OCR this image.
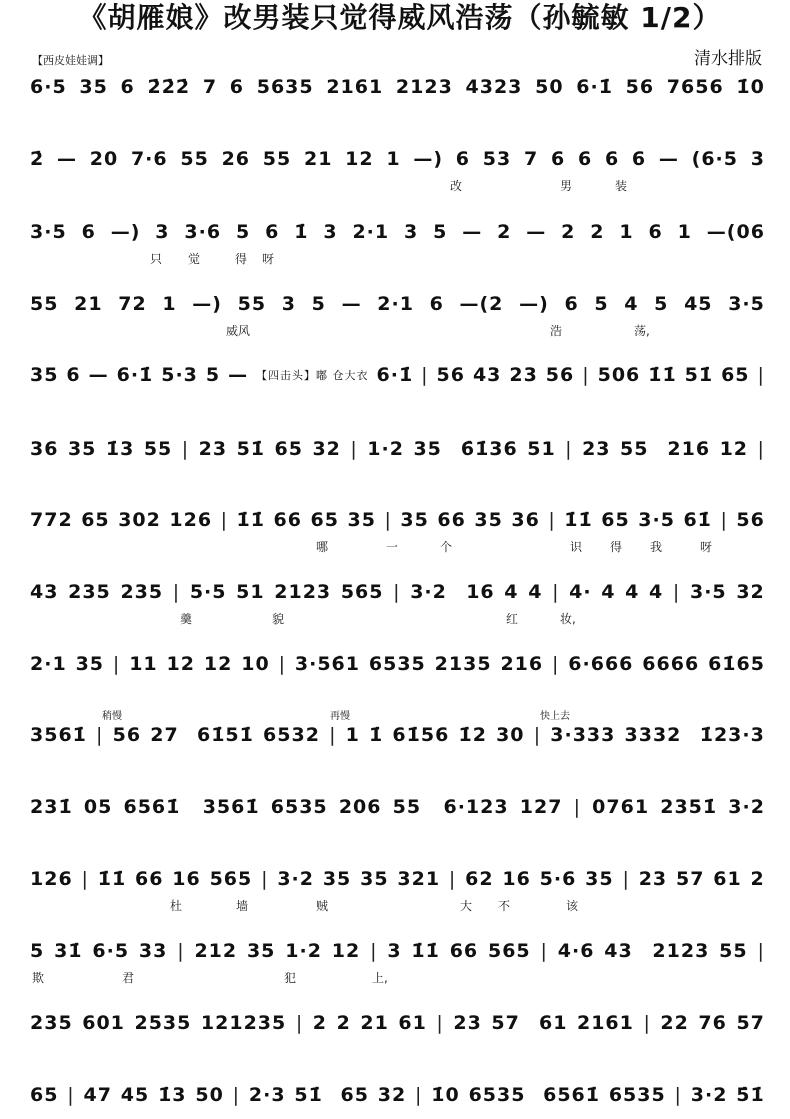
《胡雁娘》改男装只觉得威风浩荡（孙毓敏 1/2）
清水排版
【西皮娃娃调】
6·5 35 6 2̇2̇2̇ 7 6 5635 2161 2123 4323 50 6·1̇ 56 7656 1̇0
2̇ — 20 7·6 55 26 55 21 12 1 —) 6 53 7 6 6 6 6 — (6·5 3
改	男	装
3·5 6 —) 3 3·6 5 6 1̇ 3 2·1 3 5 — 2 — 2 2 1 6 1 —(06
只 觉	得 呀
55 21 72 1 —) 55 3 5 — 2·1 6 —(2 —) 6 5 4 5 45 3·5
威风	浩	荡,
35 6 — 6·1̇ 5·3 5 — 【四击头】嘟 仓大衣 6·1̇ | 56 43 23 56 | 506 1̇1̇ 51̇ 65 |
36 35 1̇3 55 | 23 51̇ 65 32 | 1·2 35 6̇1̇36 51 | 23 55 216 12 |
772 65 302 126 | 1̇1̇ 66 65 35 | 35 66 35 36 | 1̇1̇ 65 3·5 61̇ | 56
哪	一	个	识 得 我	呀
43 235 235 | 5·5 51 2123 565 | 3·2 16 4 4 | 4· 4 4 4 | 3·5 32
羹	貌	红	妆,
2·1 35 | 11 12 12 10 | 3·56̇1 6535 2135 216 | 6·666 6666 61̇65
3561̇ | 56 27 61̇51̇ 6532 | 1 1̇ 61̇56 1̇2 30 | 3·333 3332 1̇23·3
稍慢	再慢	快上去
231̇ 05 6561̇ 3561̇ 6535 206 55 6·123 127 | 0761 2351̇ 3·2
126 | 1̇1̇ 66 16 565 | 3·2 35 35 321 | 62 16 5·6 35 | 23 57 61 2
杜	墙	贼	大 不	该
5 31̇ 6·5 33 | 212 35 1·2 12 | 3 1̇1̇ 66 565 | 4·6 43 2123 55 |
欺	君	犯	上,
235 601 2535 121235 | 2 2 21 61 | 23 57 61 2161 | 22 76 57
65 | 47 45 1̇3 50 | 2·3 51̇ 65 32 | 1̇0 6535 6561̇ 6535 | 3·2 5̇1̇
